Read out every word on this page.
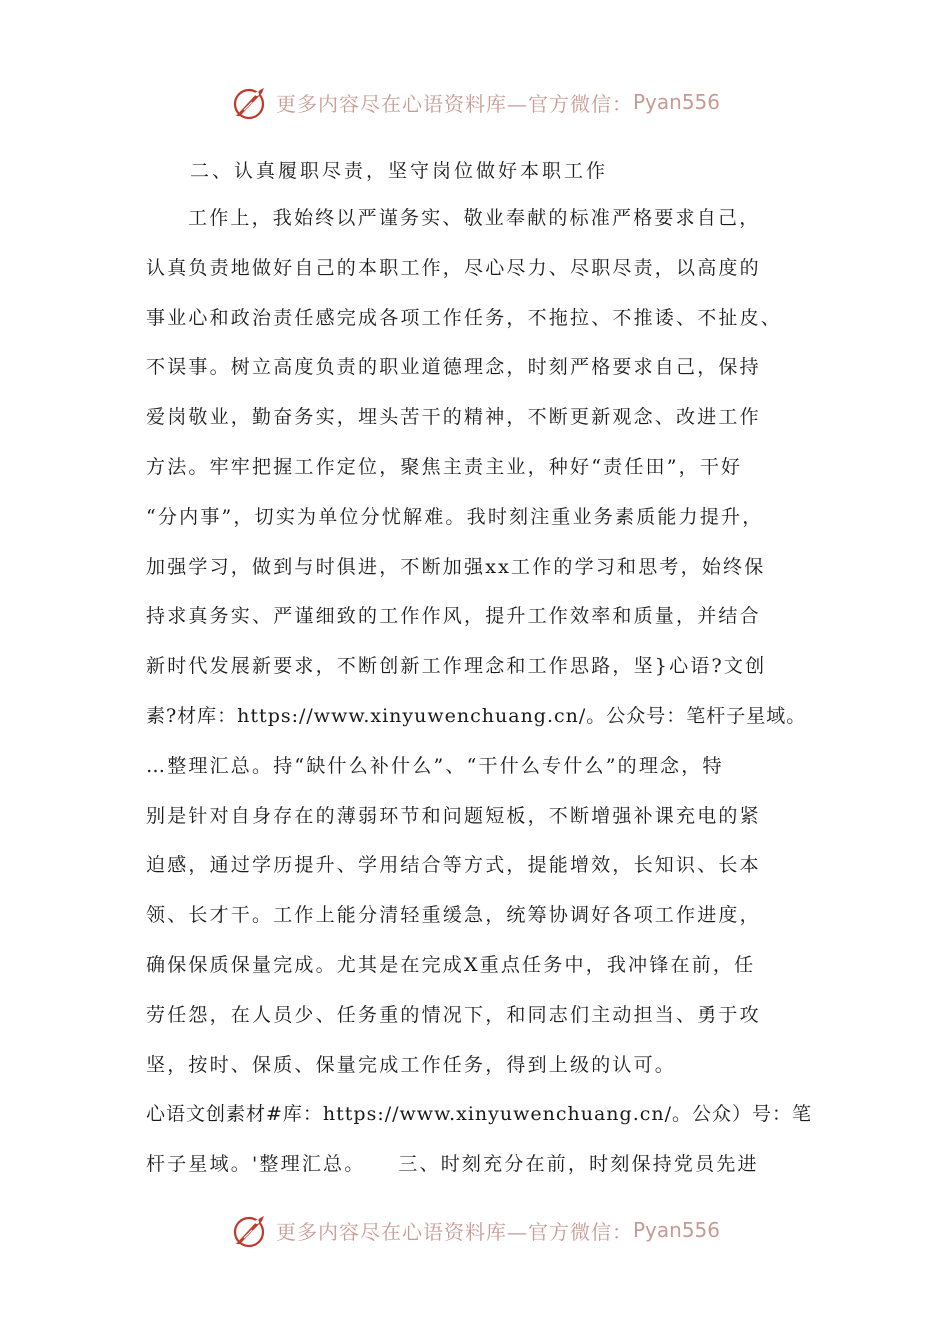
更多内容尽在心语资料库—官方微信： Pyan556
二、认真履职尽责，坚守岗位做好本职工作
工作上，我始终以严谨务实、敬业奉献的标准严格要求自己，
认真负责地做好自己的本职工作，尽心尽力、尽职尽责，以高度的
事业心和政治责任感完成各项工作任务，不拖拉、不推诿、不扯皮、
不误事。树立高度负责的职业道德理念，时刻严格要求自己，保持
爱岗敬业，勤奋务实，埋头苦干的精神，不断更新观念、改进工作
方法。牢牢把握工作定位，聚焦主责主业，种好“责任田”，干好
“分内事”，切实为单位分忧解难。我时刻注重业务素质能力提升，
加强学习，做到与时俱进，不断加强xx工作的学习和思考，始终保
持求真务实、严谨细致的工作作风，提升工作效率和质量，并结合
新时代发展新要求，不断创新工作理念和工作思路，坚}心语?文创
素?材库：https://www.xinyuwenchuang.cn/。公众号：笔杆子星域。
…整理汇总。持“缺什么补什么”、“干什么专什么”的理念，特
别是针对自身存在的薄弱环节和问题短板，不断增强补课充电的紧
迫感，通过学历提升、学用结合等方式，提能增效，长知识、长本
领、长才干。工作上能分清轻重缓急，统筹协调好各项工作进度，
确保保质保量完成。尤其是在完成X重点任务中，我冲锋在前，任
劳任怨，在人员少、任务重的情况下，和同志们主动担当、勇于攻
坚，按时、保质、保量完成工作任务，得到上级的认可。
心语文创素材#库：https://www.xinyuwenchuang.cn/。公众）号：笔
杆子星域。'整理汇总。　　三、时刻充分在前，时刻保持党员先进
更多内容尽在心语资料库—官方微信： Pyan556
